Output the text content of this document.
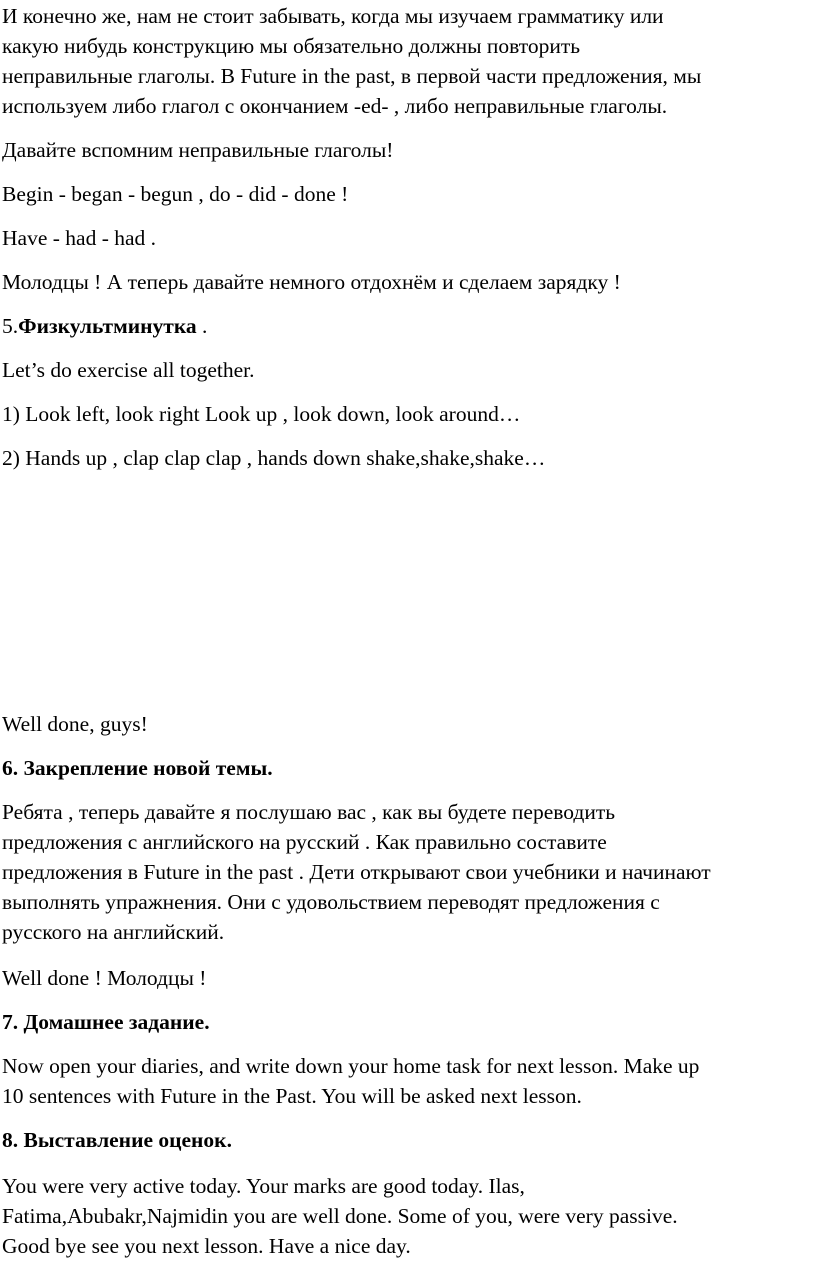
И конечно же, нам не стоит забывать, когда мы изучаем грамматику или

какую нибудь конструкцию мы обязательно должны повторить

неправильные глаголы. В Future in the past, в первой части предложения, мы

используем либо глагол с окончанием -ed- , либо неправильные глаголы.

Давайте вспомним неправильные глаголы!

Begin - began - begun , do - did - done !

Have - had - had .

Молодцы ! А теперь давайте немного отдохнём и сделаем зарядку !

5.Физкультминутка .

Let’s do exercise all together.

1) Look left, look right Look up , look down, look around…

2) Hands up , clap clap clap , hands down shake,shake,shake…

Well done, guys!

6. Закрепление новой темы.

Ребята , теперь давайте я послушаю вас , как вы будете переводить

предложения с английского на русский . Как правильно составите

предложения в Future in the past . Дети открывают свои учебники и начинают

выполнять упражнения. Они с удовольствием переводят предложения с

русского на английский.

Well done ! Молодцы !

7. Домашнее задание.

Now open your diaries, and write down your home task for next lesson. Make up

10 sentences with Future in the Past. You will be asked next lesson.

8. Выставление оценок.

You were very active today. Your marks are good today. Ilas,

Fatima,Abubakr,Najmidin you are well done. Some of you, were very passive.

Good bye see you next lesson. Have a nice day.
